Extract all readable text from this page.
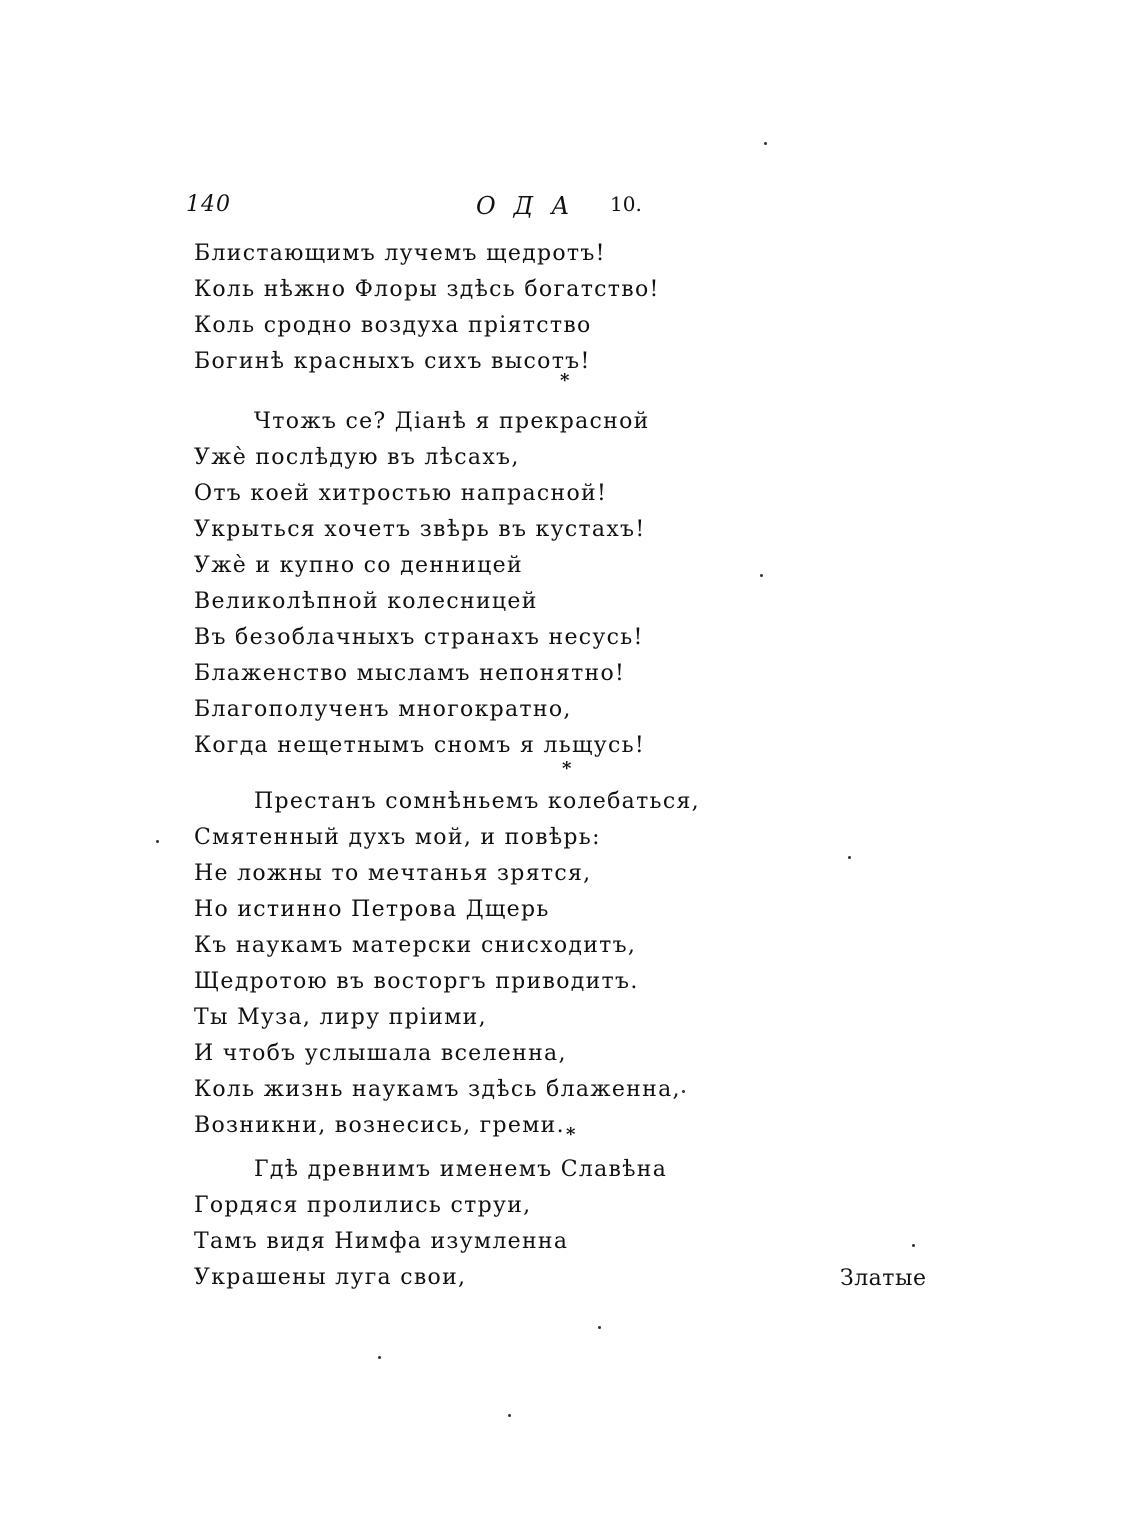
140	ОДА 10.
Блистающимъ лучемъ щедротъ!
Коль нѣжно Флоры здѣсь богатство!
Коль сродно воздуха пріятство
Богинѣ красныхъ сихъ высотъ!
*
Чтожъ се? Діанѣ я прекрасной
Ужѐ послѣдую въ лѣсахъ,
Отъ коей хитростью напрасной!
Укрыться хочетъ звѣрь въ кустахъ!
Ужѐ и купно со денницей
Великолѣпной колесницей
Въ безоблачныхъ странахъ несусь!
Блаженство мысламъ непонятно!
Благополученъ многократно,
Когда нещетнымъ сномъ я льщусь!
*
Престанъ сомнѣньемъ колебаться,
Смятенный духъ мой, и повѣрь:
Не ложны то мечтанья зрятся,
Но истинно Петрова Дщерь
Къ наукамъ матерски снисходитъ,
Щедротою въ восторгъ приводитъ.
Ты Муза, лиру пріими,
И чтобъ услышала вселенна,
Коль жизнь наукамъ здѣсь блаженна,
Возникни, вознесись, греми. *
Гдѣ древнимъ именемъ Славѣна
Гордяся пролились струи,
Тамъ видя Нимфа изумленна
Украшены луга свои,	Златые
